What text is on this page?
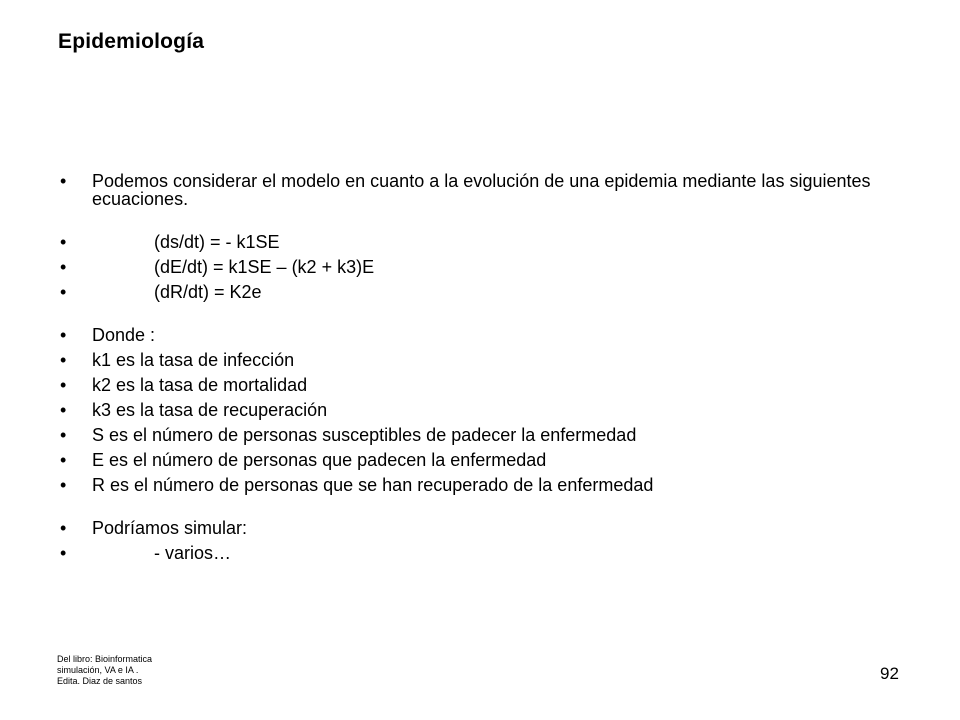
Epidemiología
•	Podemos considerar el modelo en cuanto a la evolución de una epidemia mediante las siguientes ecuaciones.
•	(ds/dt) = - k1SE
•	(dE/dt) = k1SE – (k2 + k3)E
•	(dR/dt) = K2e
•	Donde :
•	k1 es la tasa de infección
•	k2 es la tasa de mortalidad
•	k3 es la tasa de recuperación
•	S es el número de personas susceptibles de padecer la enfermedad
•	E es el número de personas que padecen la enfermedad
•	R es el número de personas que se han recuperado de la enfermedad
•	Podríamos simular:
•	- varios…
Del libro: Bioinformatica
simulación, VA e IA .
Edita. Diaz de santos	92
